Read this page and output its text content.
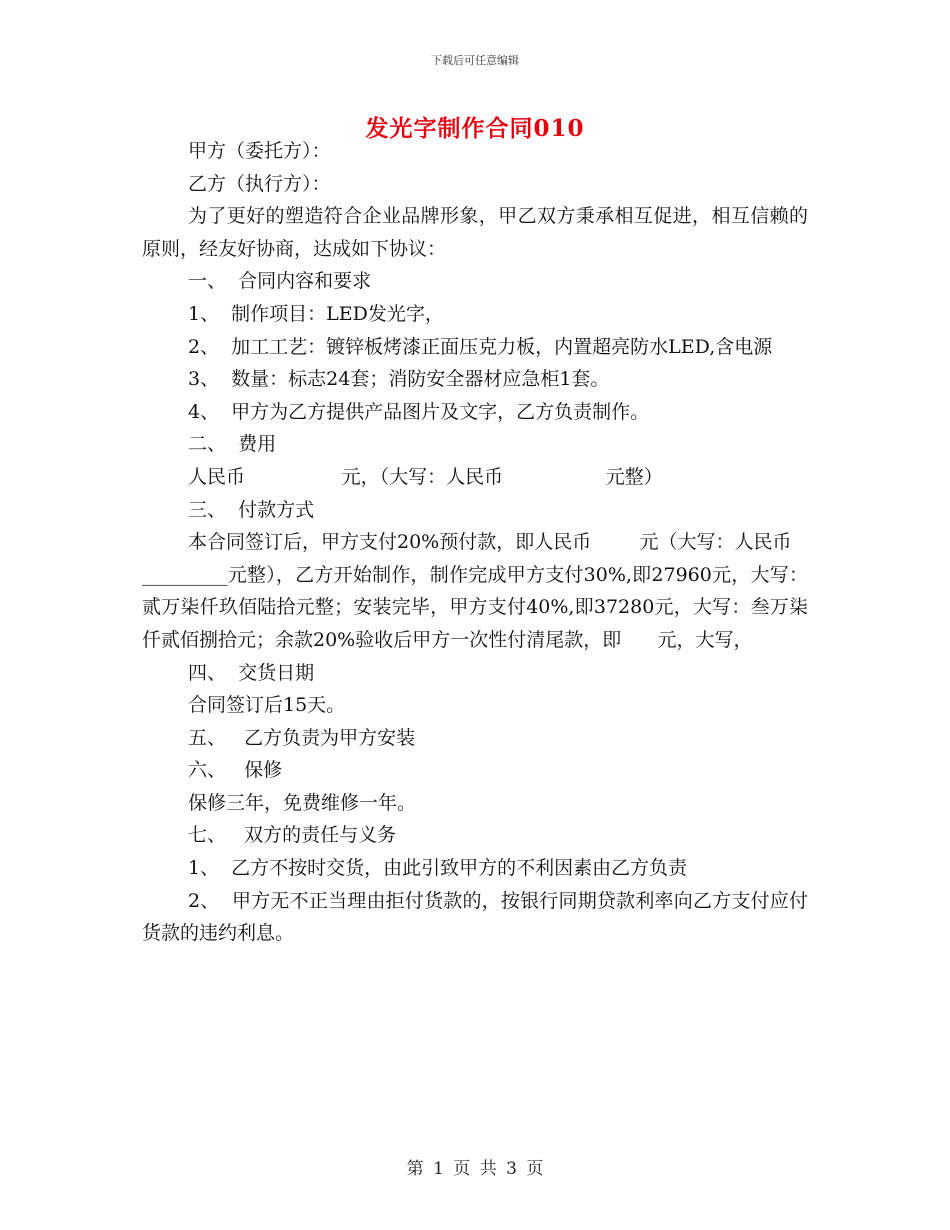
下载后可任意编辑
发光字制作合同010

甲方（委托方）：

乙方（执行方）：

为了更好的塑造符合企业品牌形象，甲乙双方秉承相互促进，相互信赖的原则，经友好协商，达成如下协议：

一、  合同内容和要求

1、  制作项目：LED发光字，

2、  加工工艺：镀锌板烤漆正面压克力板，内置超亮防水LED,含电源

3、  数量：标志24套；消防安全器材应急柜1套。

4、  甲方为乙方提供产品图片及文字，乙方负责制作。

二、  费用

人民币                元，（大写：人民币                 元整）

三、  付款方式

本合同签订后，甲方支付20%预付款，即人民币        元（大写：人民币

_________元整），乙方开始制作，制作完成甲方支付30%,即27960元，大写：贰万柒仟玖佰陆拾元整；安装完毕，甲方支付40%,即37280元，大写：叁万柒仟贰佰捌拾元；余款20%验收后甲方一次性付清尾款，即      元，大写，

四、  交货日期

合同签订后15天。

五、   乙方负责为甲方安装

六、   保修

保修三年，免费维修一年。

七、   双方的责任与义务

1、  乙方不按时交货，由此引致甲方的不利因素由乙方负责

2、  甲方无不正当理由拒付货款的，按银行同期贷款利率向乙方支付应付货款的违约利息。

第 1 页 共 3 页
